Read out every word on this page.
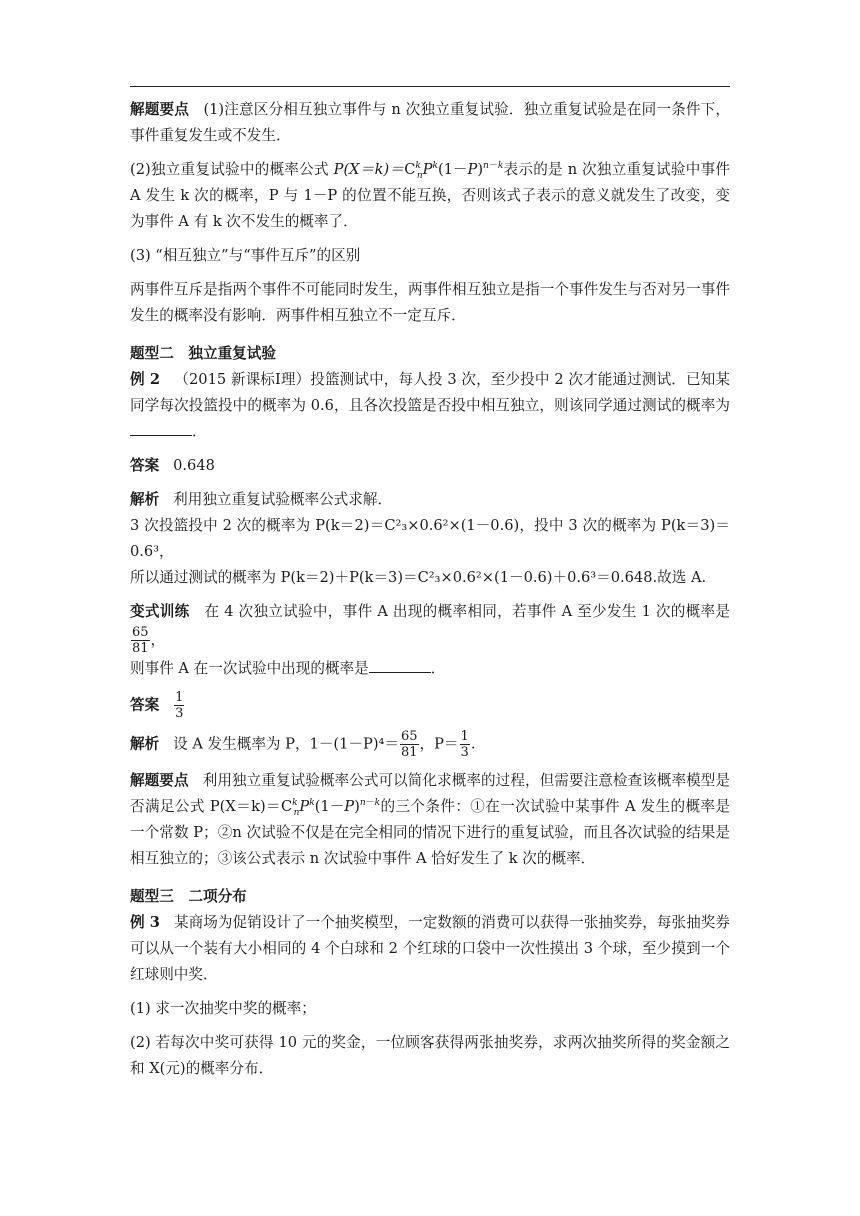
解题要点 (1)注意区分相互独立事件与 n 次独立重复试验．独立重复试验是在同一条件下，事件重复发生或不发生．

(2)独立重复试验中的概率公式 $P(X=k)=C^k_nP^k(1-P)^{n-k}$表示的是 n 次独立重复试验中事件 A 发生 k 次的概率，P 与 1－P 的位置不能互换，否则该式子表示的意义就发生了改变，变为事件 A 有 k 次不发生的概率了．

(3) “相互独立”与“事件互斥”的区别

两事件互斥是指两个事件不可能同时发生，两事件相互独立是指一个事件发生与否对另一事件发生的概率没有影响．两事件相互独立不一定互斥．

题型二　独立重复试验

例 2 （2015 新课标Ⅰ理）投篮测试中，每人投 3 次，至少投中 2 次才能通过测试．已知某同学每次投篮投中的概率为 0.6，且各次投篮是否投中相互独立，则该同学通过测试的概率为．

答案 0.648

解析 利用独立重复试验概率公式求解．

3 次投篮投中 2 次的概率为 P(k＝2)＝C²₃×0.6²×(1－0.6)，投中 3 次的概率为 P(k＝3)＝0.6³，

所以通过测试的概率为 P(k＝2)＋P(k＝3)＝C²₃×0.6²×(1－0.6)＋0.6³＝0.648.故选 A.

变式训练 在 4 次独立试验中，事件 A 出现的概率相同，若事件 A 至少发生 1 次的概率是
$\frac{65}{81}$ ，

则事件 A 在一次试验中出现的概率是	．

答案 $\frac{1}{3}$

解析 设 A 发生概率为 P，$1-(1-P)^4= \frac{65}{81}$ ，$P= \frac{1}{3}$ .

解题要点 利用独立重复试验概率公式可以简化求概率的过程，但需要注意检查该概率模型是否满足公式 $P(X=k)=C^k_nP^k(1-P)^{n-k}$的三个条件：①在一次试验中某事件 A 发生的概率是一个常数 P；②n 次试验不仅是在完全相同的情况下进行的重复试验，而且各次试验的结果是相互独立的；③该公式表示 n 次试验中事件 A 恰好发生了 k 次的概率．

题型三　二项分布

例 3 某商场为促销设计了一个抽奖模型，一定数额的消费可以获得一张抽奖券，每张抽奖券可以从一个装有大小相同的 4 个白球和 2 个红球的口袋中一次性摸出 3 个球，至少摸到一个红球则中奖．

(1) 求一次抽奖中奖的概率；

(2) 若每次中奖可获得 10 元的奖金，一位顾客获得两张抽奖券，求两次抽奖所得的奖金额之和 X(元)的概率分布．
